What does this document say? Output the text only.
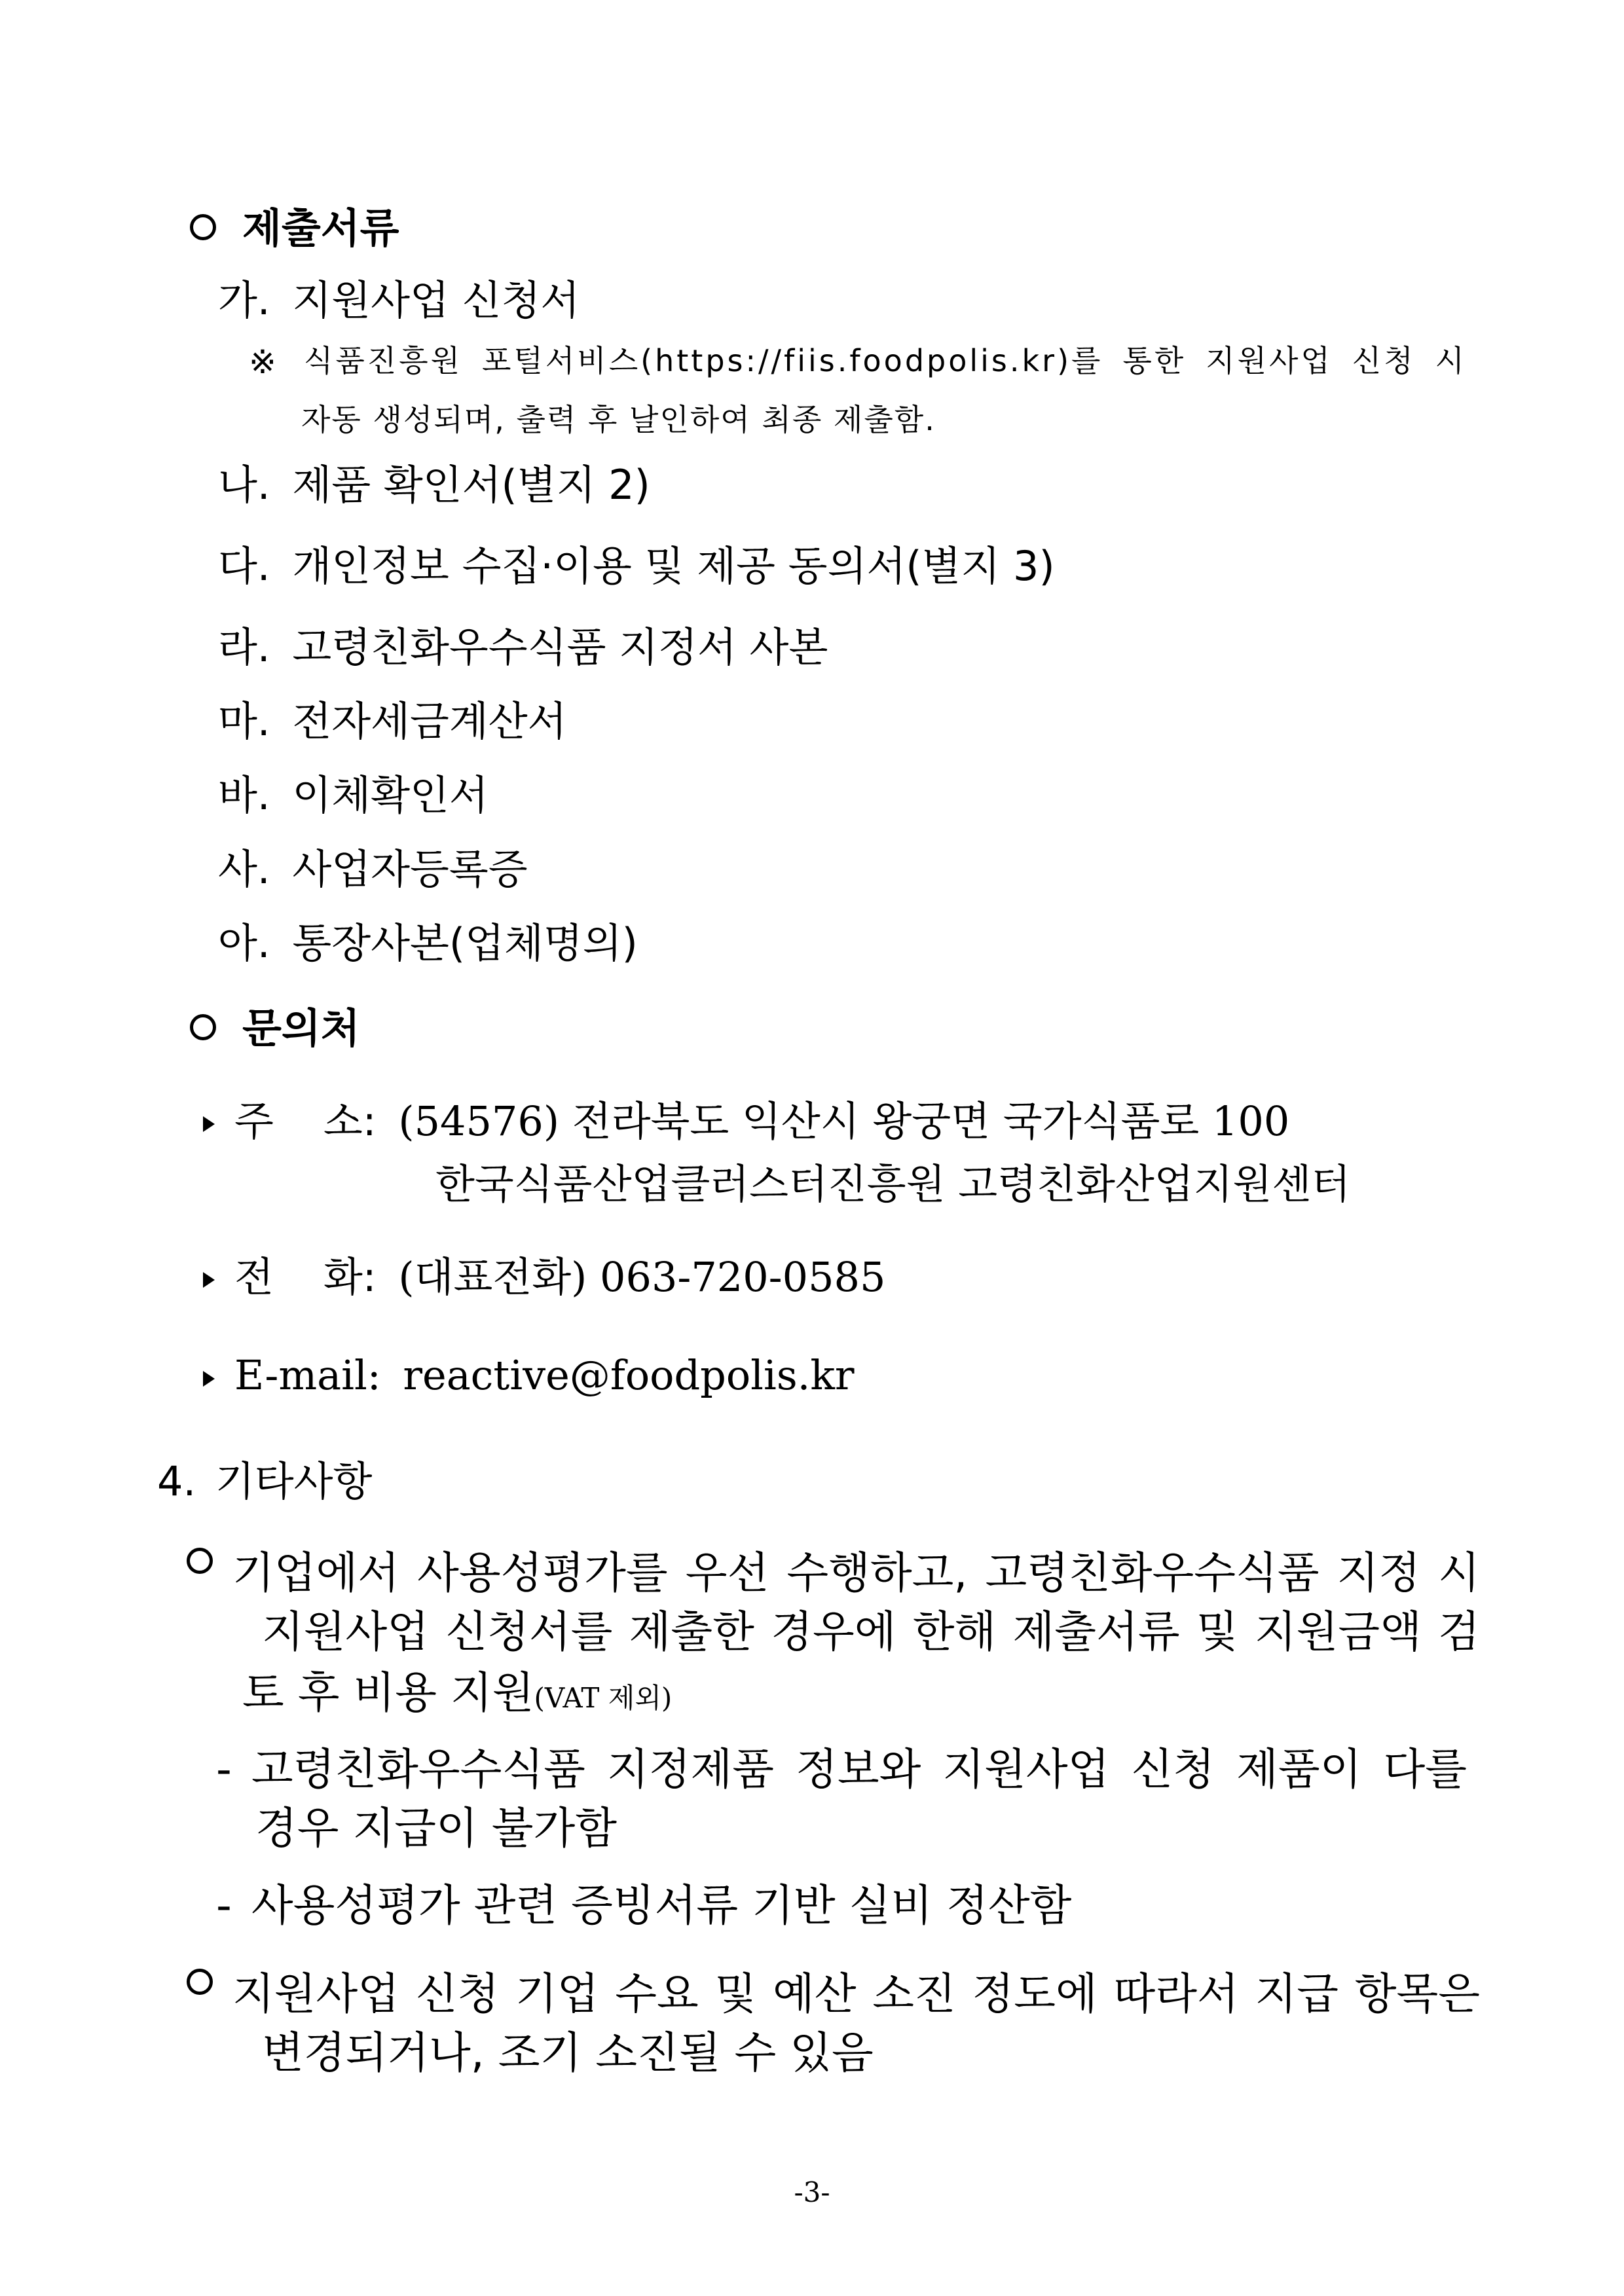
제출서류
가. 지원사업 신청서
※ 식품진흥원 포털서비스(https://fiis.foodpolis.kr)를 통한 지원사업 신청 시
자동 생성되며, 출력 후 날인하여 최종 제출함.
나. 제품 확인서(별지 2)
다. 개인정보 수집·이용 및 제공 동의서(별지 3)
라. 고령친화우수식품 지정서 사본
마. 전자세금계산서
바. 이체확인서
사. 사업자등록증
아. 통장사본(업체명의)
문의처
주 소: (54576) 전라북도 익산시 왕궁면 국가식품로 100
한국식품산업클러스터진흥원 고령친화산업지원센터
전 화: (대표전화) 063-720-0585
E-mail: reactive@foodpolis.kr
4. 기타사항
기업에서 사용성평가를 우선 수행하고, 고령친화우수식품 지정 시
지원사업 신청서를 제출한 경우에 한해 제출서류 및 지원금액 검
토 후 비용 지원(VAT 제외)
- 고령친화우수식품 지정제품 정보와 지원사업 신청 제품이 다를
경우 지급이 불가함
- 사용성평가 관련 증빙서류 기반 실비 정산함
지원사업 신청 기업 수요 및 예산 소진 정도에 따라서 지급 항목은
변경되거나, 조기 소진될 수 있음
-3-
